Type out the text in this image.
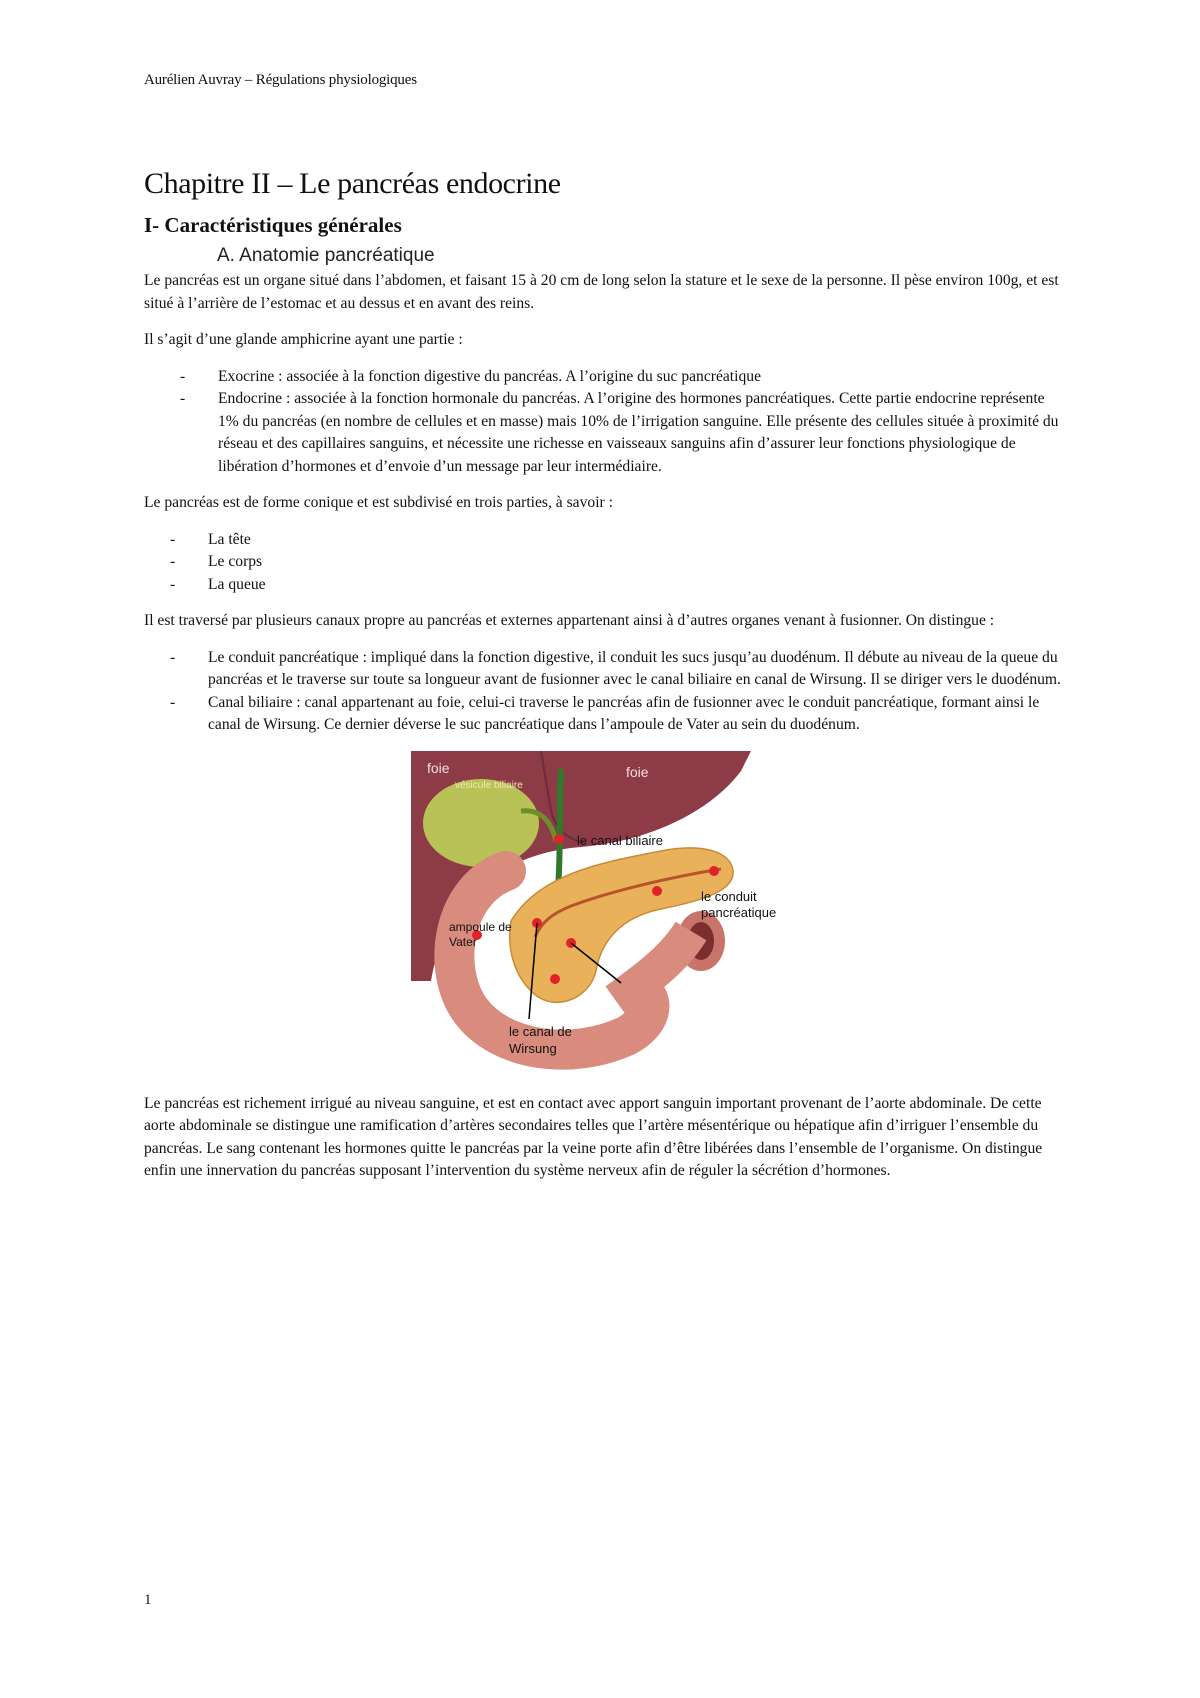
Aurélien Auvray – Régulations physiologiques
Chapitre II – Le pancréas endocrine
I- Caractéristiques générales
A. Anatomie pancréatique

Le pancréas est un organe situé dans l’abdomen, et faisant 15 à 20 cm de long selon la stature et le sexe de la personne. Il pèse environ 100g, et est situé à l’arrière de l’estomac et au dessus et en avant des reins.

Il s’agit d’une glande amphicrine ayant une partie :

- Exocrine : associée à la fonction digestive du pancréas. A l’origine du suc pancréatique
- Endocrine : associée à la fonction hormonale du pancréas. A l’origine des hormones pancréatiques. Cette partie endocrine représente 1% du pancréas (en nombre de cellules et en masse) mais 10% de l’irrigation sanguine. Elle présente des cellules située à proximité du réseau et des capillaires sanguins, et nécessite une richesse en vaisseaux sanguins afin d’assurer leur fonctions physiologique de libération d’hormones et d’envoie d’un message par leur intermédiaire.

Le pancréas est de forme conique et est subdivisé en trois parties, à savoir :

- La tête
- Le corps
- La queue

Il est traversé par plusieurs canaux propre au pancréas et externes appartenant ainsi à d’autres organes venant à fusionner. On distingue :

- Le conduit pancréatique : impliqué dans la fonction digestive, il conduit les sucs jusqu’au duodénum. Il débute au niveau de la queue du pancréas et le traverse sur toute sa longueur avant de fusionner avec le canal biliaire en canal de Wirsung. Il se diriger vers le duodénum.
- Canal biliaire : canal appartenant au foie, celui-ci traverse le pancréas afin de fusionner avec le conduit pancréatique, formant ainsi le canal de Wirsung. Ce dernier déverse le suc pancréatique dans l’ampoule de Vater au sein du duodénum.
foie
vésicule biliaire
foie
le canal biliaire
le conduit
pancréatique
ampoule de
Vater
le canal de
Wirsung

Le pancréas est richement irrigué au niveau sanguine, et est en contact avec apport sanguin important provenant de l’aorte abdominale. De cette aorte abdominale se distingue une ramification d’artères secondaires telles que l’artère mésentérique ou hépatique afin d’irriguer l’ensemble du pancréas. Le sang contenant les hormones quitte le pancréas par la veine porte afin d’être libérées dans l’ensemble de l’organisme. On distingue enfin une innervation du pancréas supposant l’intervention du système nerveux afin de réguler la sécrétion d’hormones.

1
